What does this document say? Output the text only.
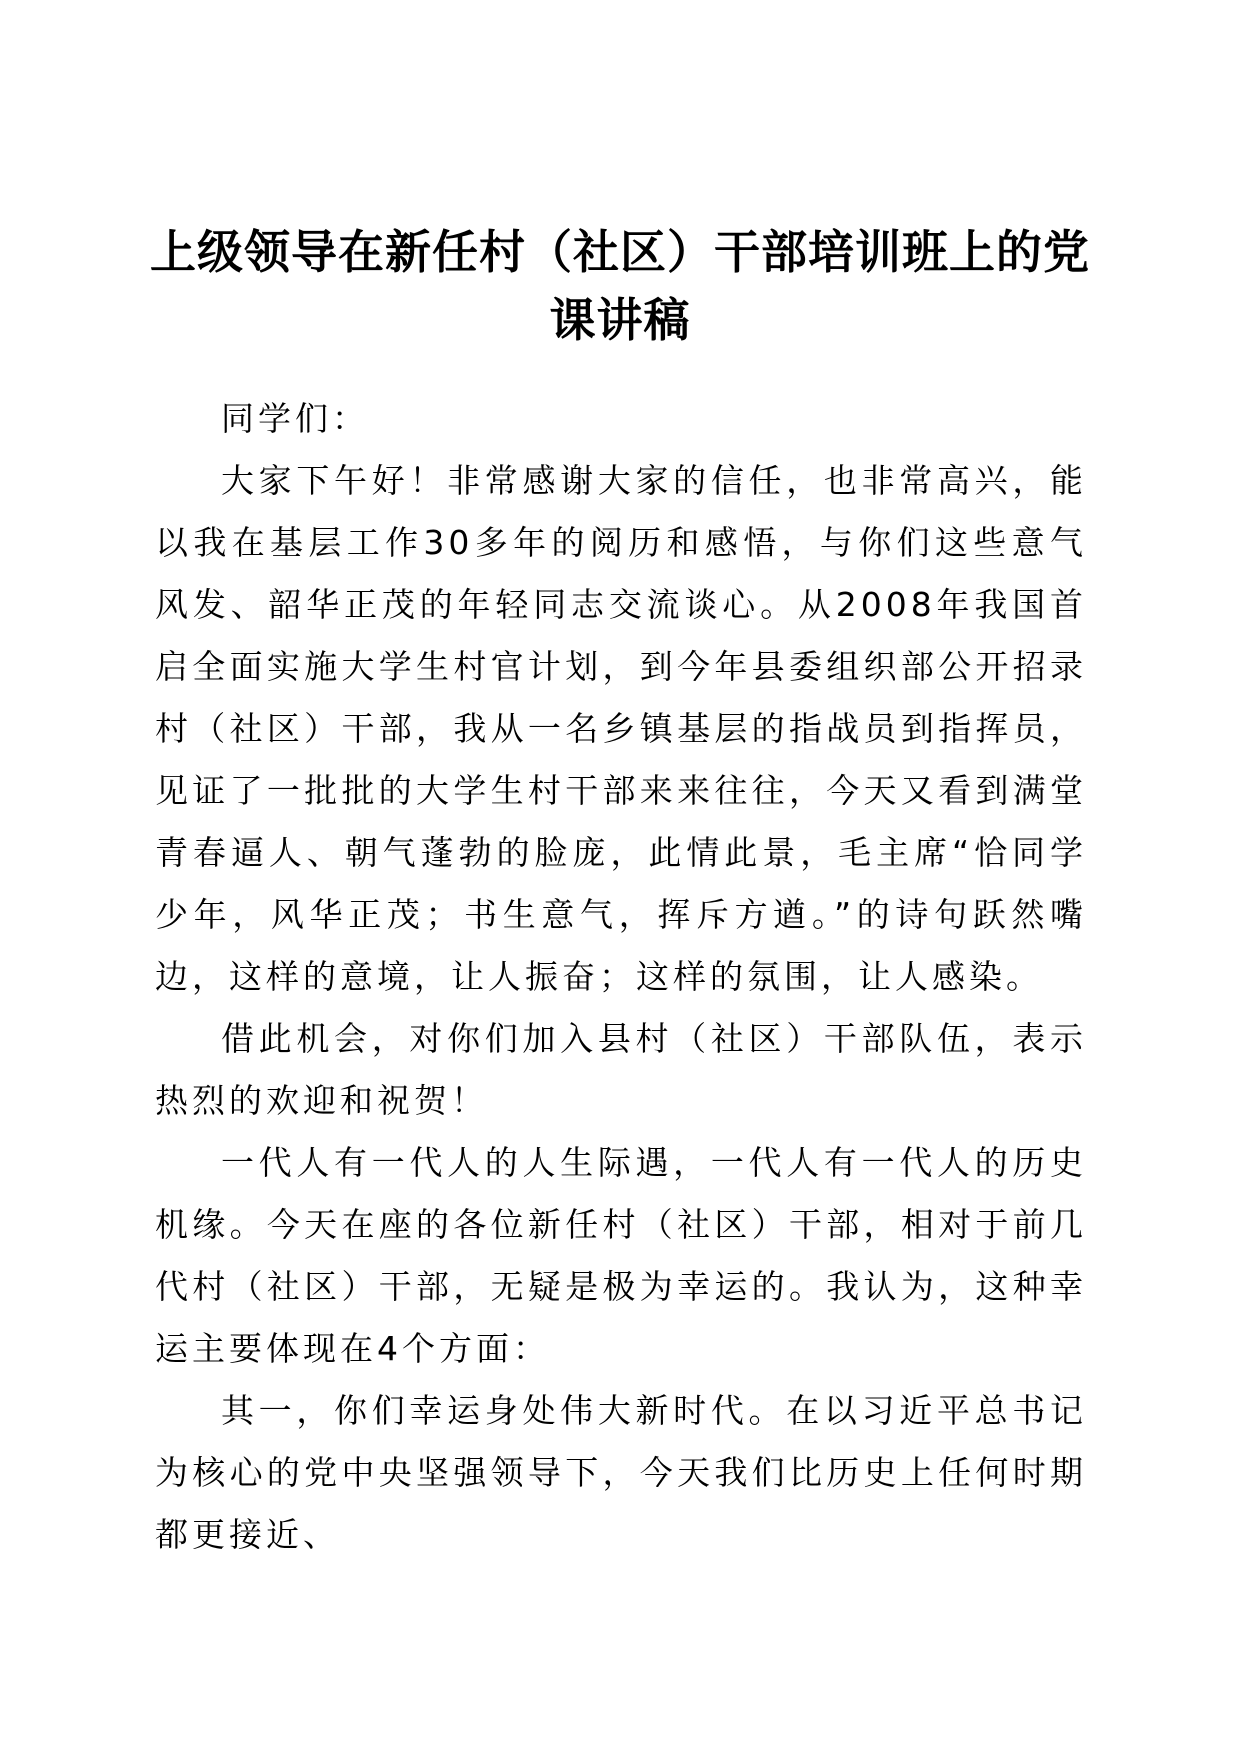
上级领导在新任村（社区）干部培训班上的党课讲稿

同学们：

大家下午好！非常感谢大家的信任，也非常高兴，能以我在基层工作30多年的阅历和感悟，与你们这些意气风发、韶华正茂的年轻同志交流谈心。从2008年我国首启全面实施大学生村官计划，到今年县委组织部公开招录村（社区）干部，我从一名乡镇基层的指战员到指挥员，见证了一批批的大学生村干部来来往往，今天又看到满堂青春逼人、朝气蓬勃的脸庞，此情此景，毛主席“恰同学少年，风华正茂；书生意气，挥斥方遒。”的诗句跃然嘴边，这样的意境，让人振奋；这样的氛围，让人感染。

借此机会，对你们加入县村（社区）干部队伍，表示热烈的欢迎和祝贺！

一代人有一代人的人生际遇，一代人有一代人的历史机缘。今天在座的各位新任村（社区）干部，相对于前几代村（社区）干部，无疑是极为幸运的。我认为，这种幸运主要体现在4个方面：

其一，你们幸运身处伟大新时代。在以习近平总书记为核心的党中央坚强领导下，今天我们比历史上任何时期都更接近、
